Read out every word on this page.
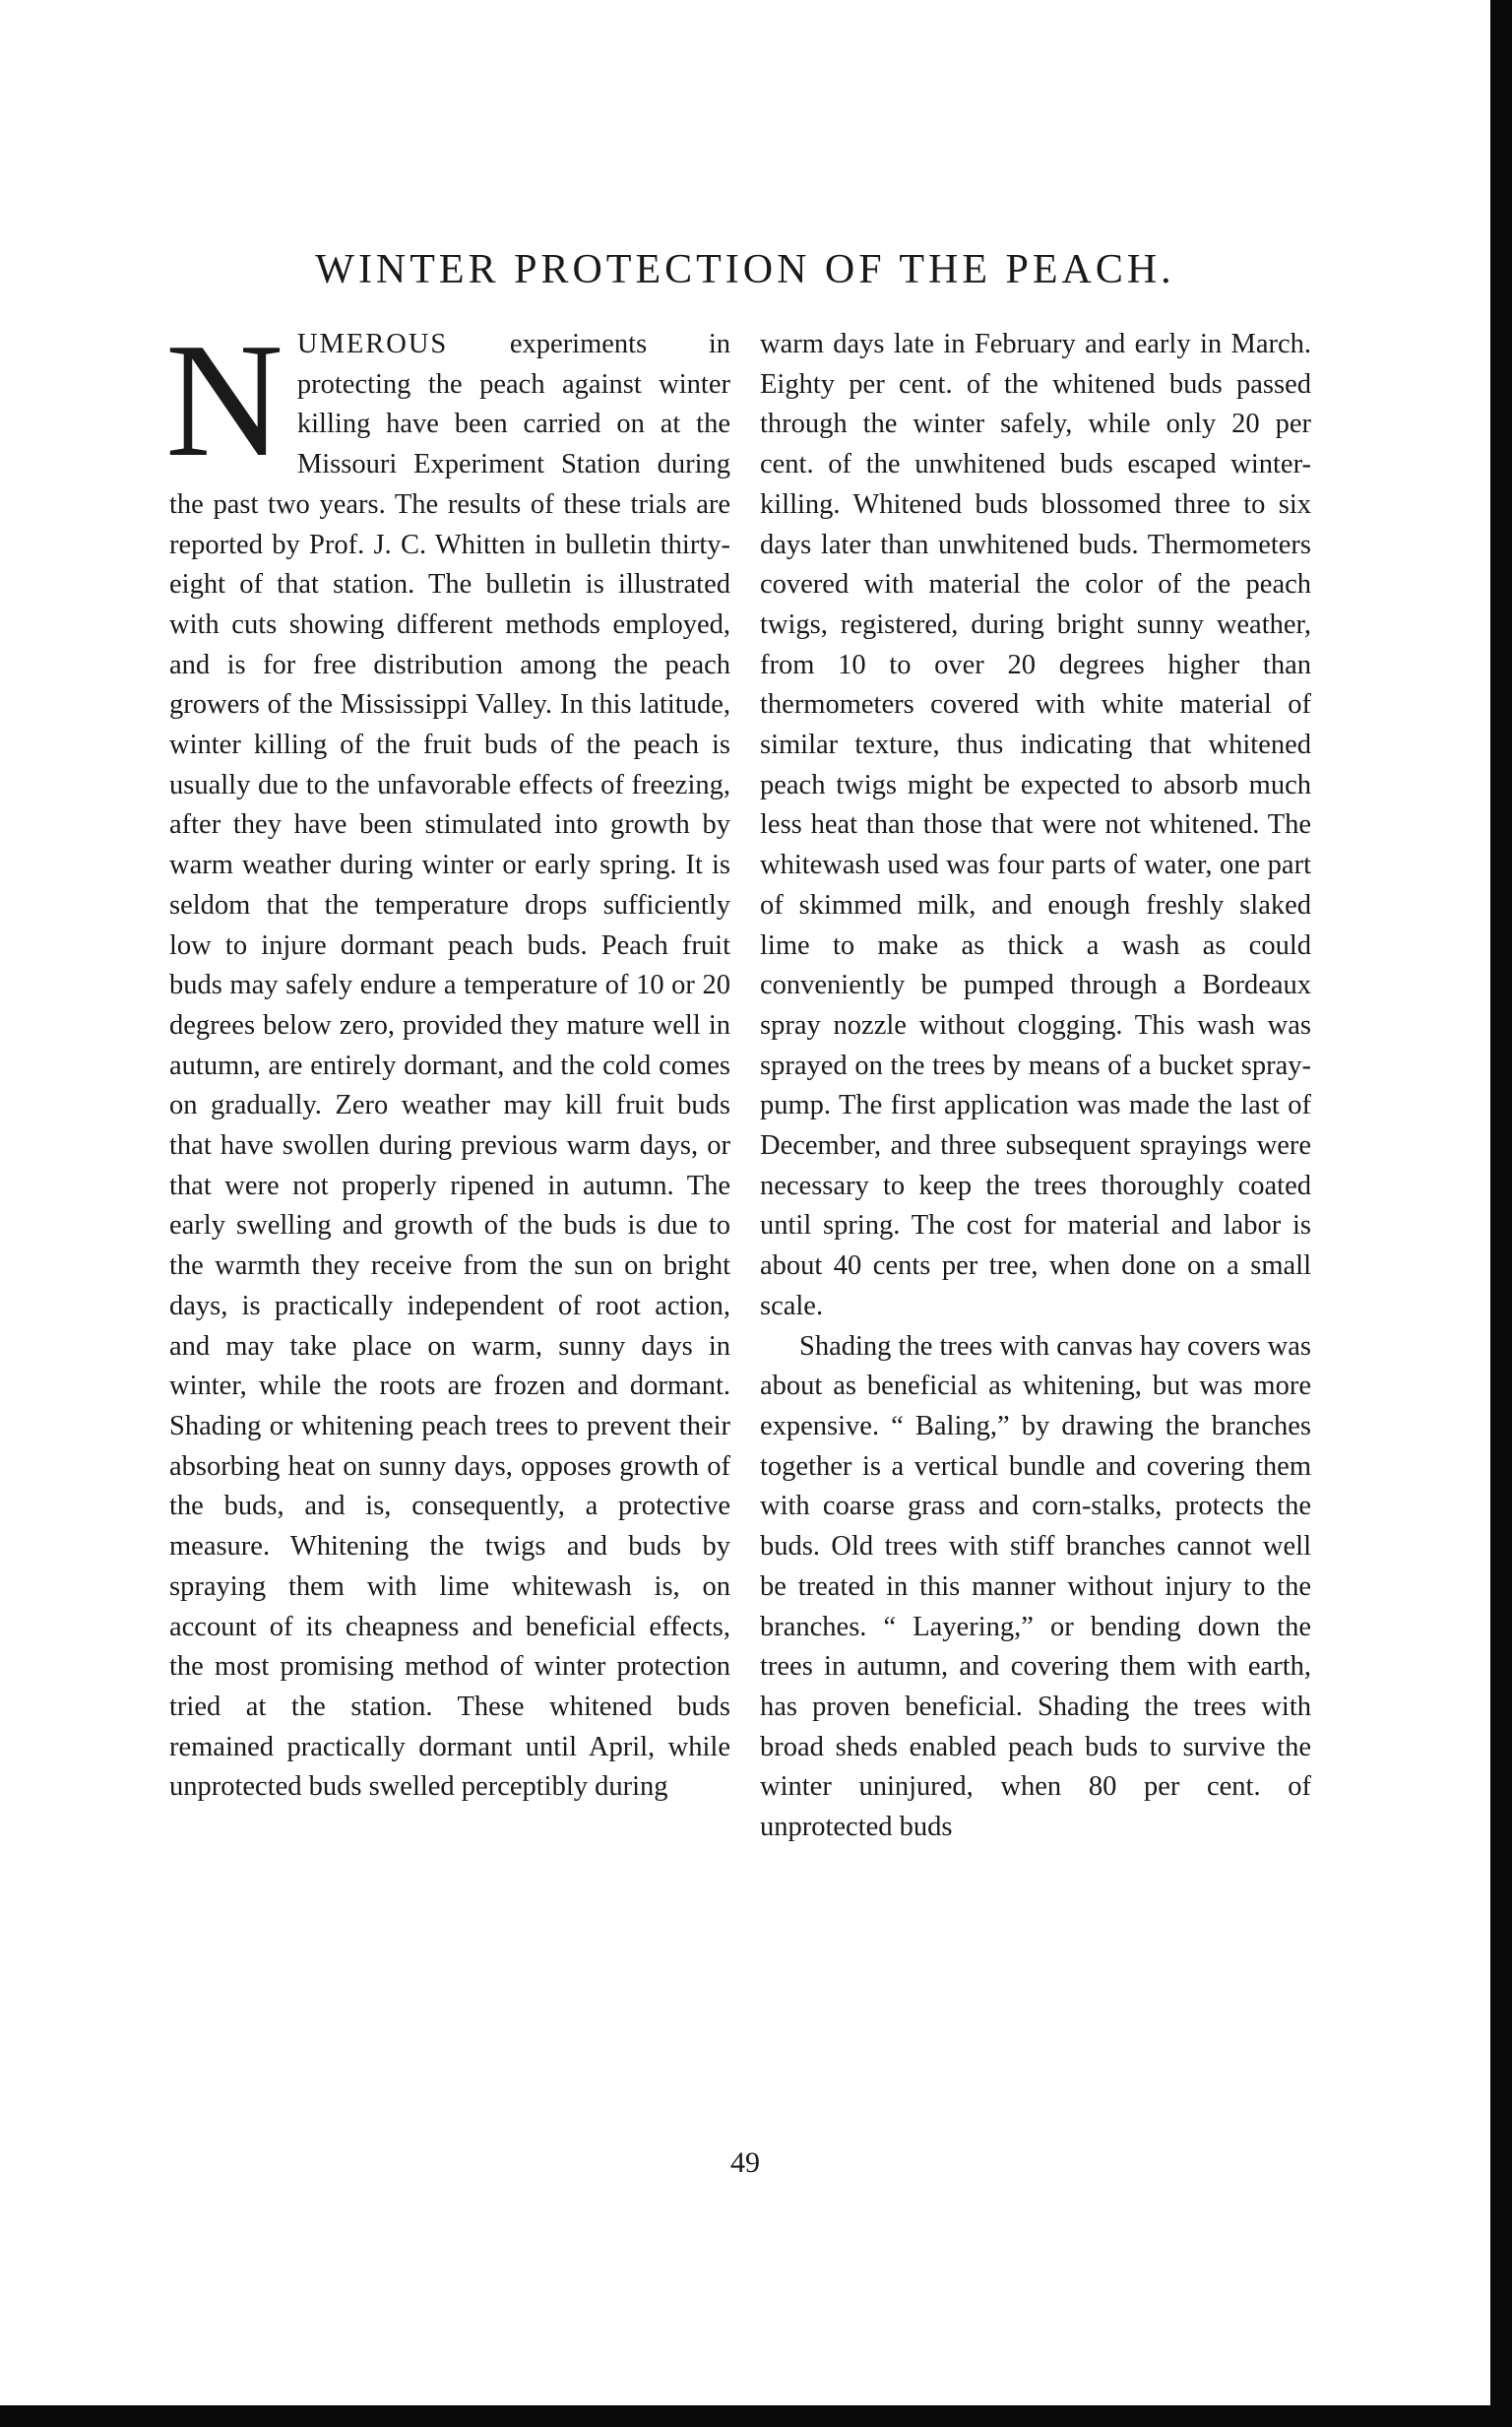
WINTER PROTECTION OF THE PEACH.

NUMEROUS experiments in protecting the peach against winter killing have been carried on at the Missouri Experiment Station during the past two years. The results of these trials are reported by Prof. J. C. Whitten in bulletin thirty-eight of that station. The bulletin is illustrated with cuts showing different methods employed, and is for free distribution among the peach growers of the Mississippi Valley. In this latitude, winter killing of the fruit buds of the peach is usually due to the unfavorable effects of freezing, after they have been stimulated into growth by warm weather during winter or early spring. It is seldom that the temperature drops sufficiently low to injure dormant peach buds. Peach fruit buds may safely endure a temperature of 10 or 20 degrees below zero, provided they mature well in autumn, are entirely dormant, and the cold comes on gradually. Zero weather may kill fruit buds that have swollen during previous warm days, or that were not properly ripened in autumn. The early swelling and growth of the buds is due to the warmth they receive from the sun on bright days, is practically independent of root action, and may take place on warm, sunny days in winter, while the roots are frozen and dormant. Shading or whitening peach trees to prevent their absorbing heat on sunny days, opposes growth of the buds, and is, consequently, a protective measure. Whitening the twigs and buds by spraying them with lime whitewash is, on account of its cheapness and beneficial effects, the most promising method of winter protection tried at the station. These whitened buds remained practically dormant until April, while unprotected buds swelled perceptibly during

warm days late in February and early in March. Eighty per cent. of the whitened buds passed through the winter safely, while only 20 per cent. of the unwhitened buds escaped winter-killing. Whitened buds blossomed three to six days later than unwhitened buds. Thermometers covered with material the color of the peach twigs, registered, during bright sunny weather, from 10 to over 20 degrees higher than thermometers covered with white material of similar texture, thus indicating that whitened peach twigs might be expected to absorb much less heat than those that were not whitened. The whitewash used was four parts of water, one part of skimmed milk, and enough freshly slaked lime to make as thick a wash as could conveniently be pumped through a Bordeaux spray nozzle without clogging. This wash was sprayed on the trees by means of a bucket spray-pump. The first application was made the last of December, and three subsequent sprayings were necessary to keep the trees thoroughly coated until spring. The cost for material and labor is about 40 cents per tree, when done on a small scale.

Shading the trees with canvas hay covers was about as beneficial as whitening, but was more expensive. “ Baling,” by drawing the branches together is a vertical bundle and covering them with coarse grass and corn-stalks, protects the buds. Old trees with stiff branches cannot well be treated in this manner without injury to the branches. “ Layering,” or bending down the trees in autumn, and covering them with earth, has proven beneficial. Shading the trees with broad sheds enabled peach buds to survive the winter uninjured, when 80 per cent. of unprotected buds

49
